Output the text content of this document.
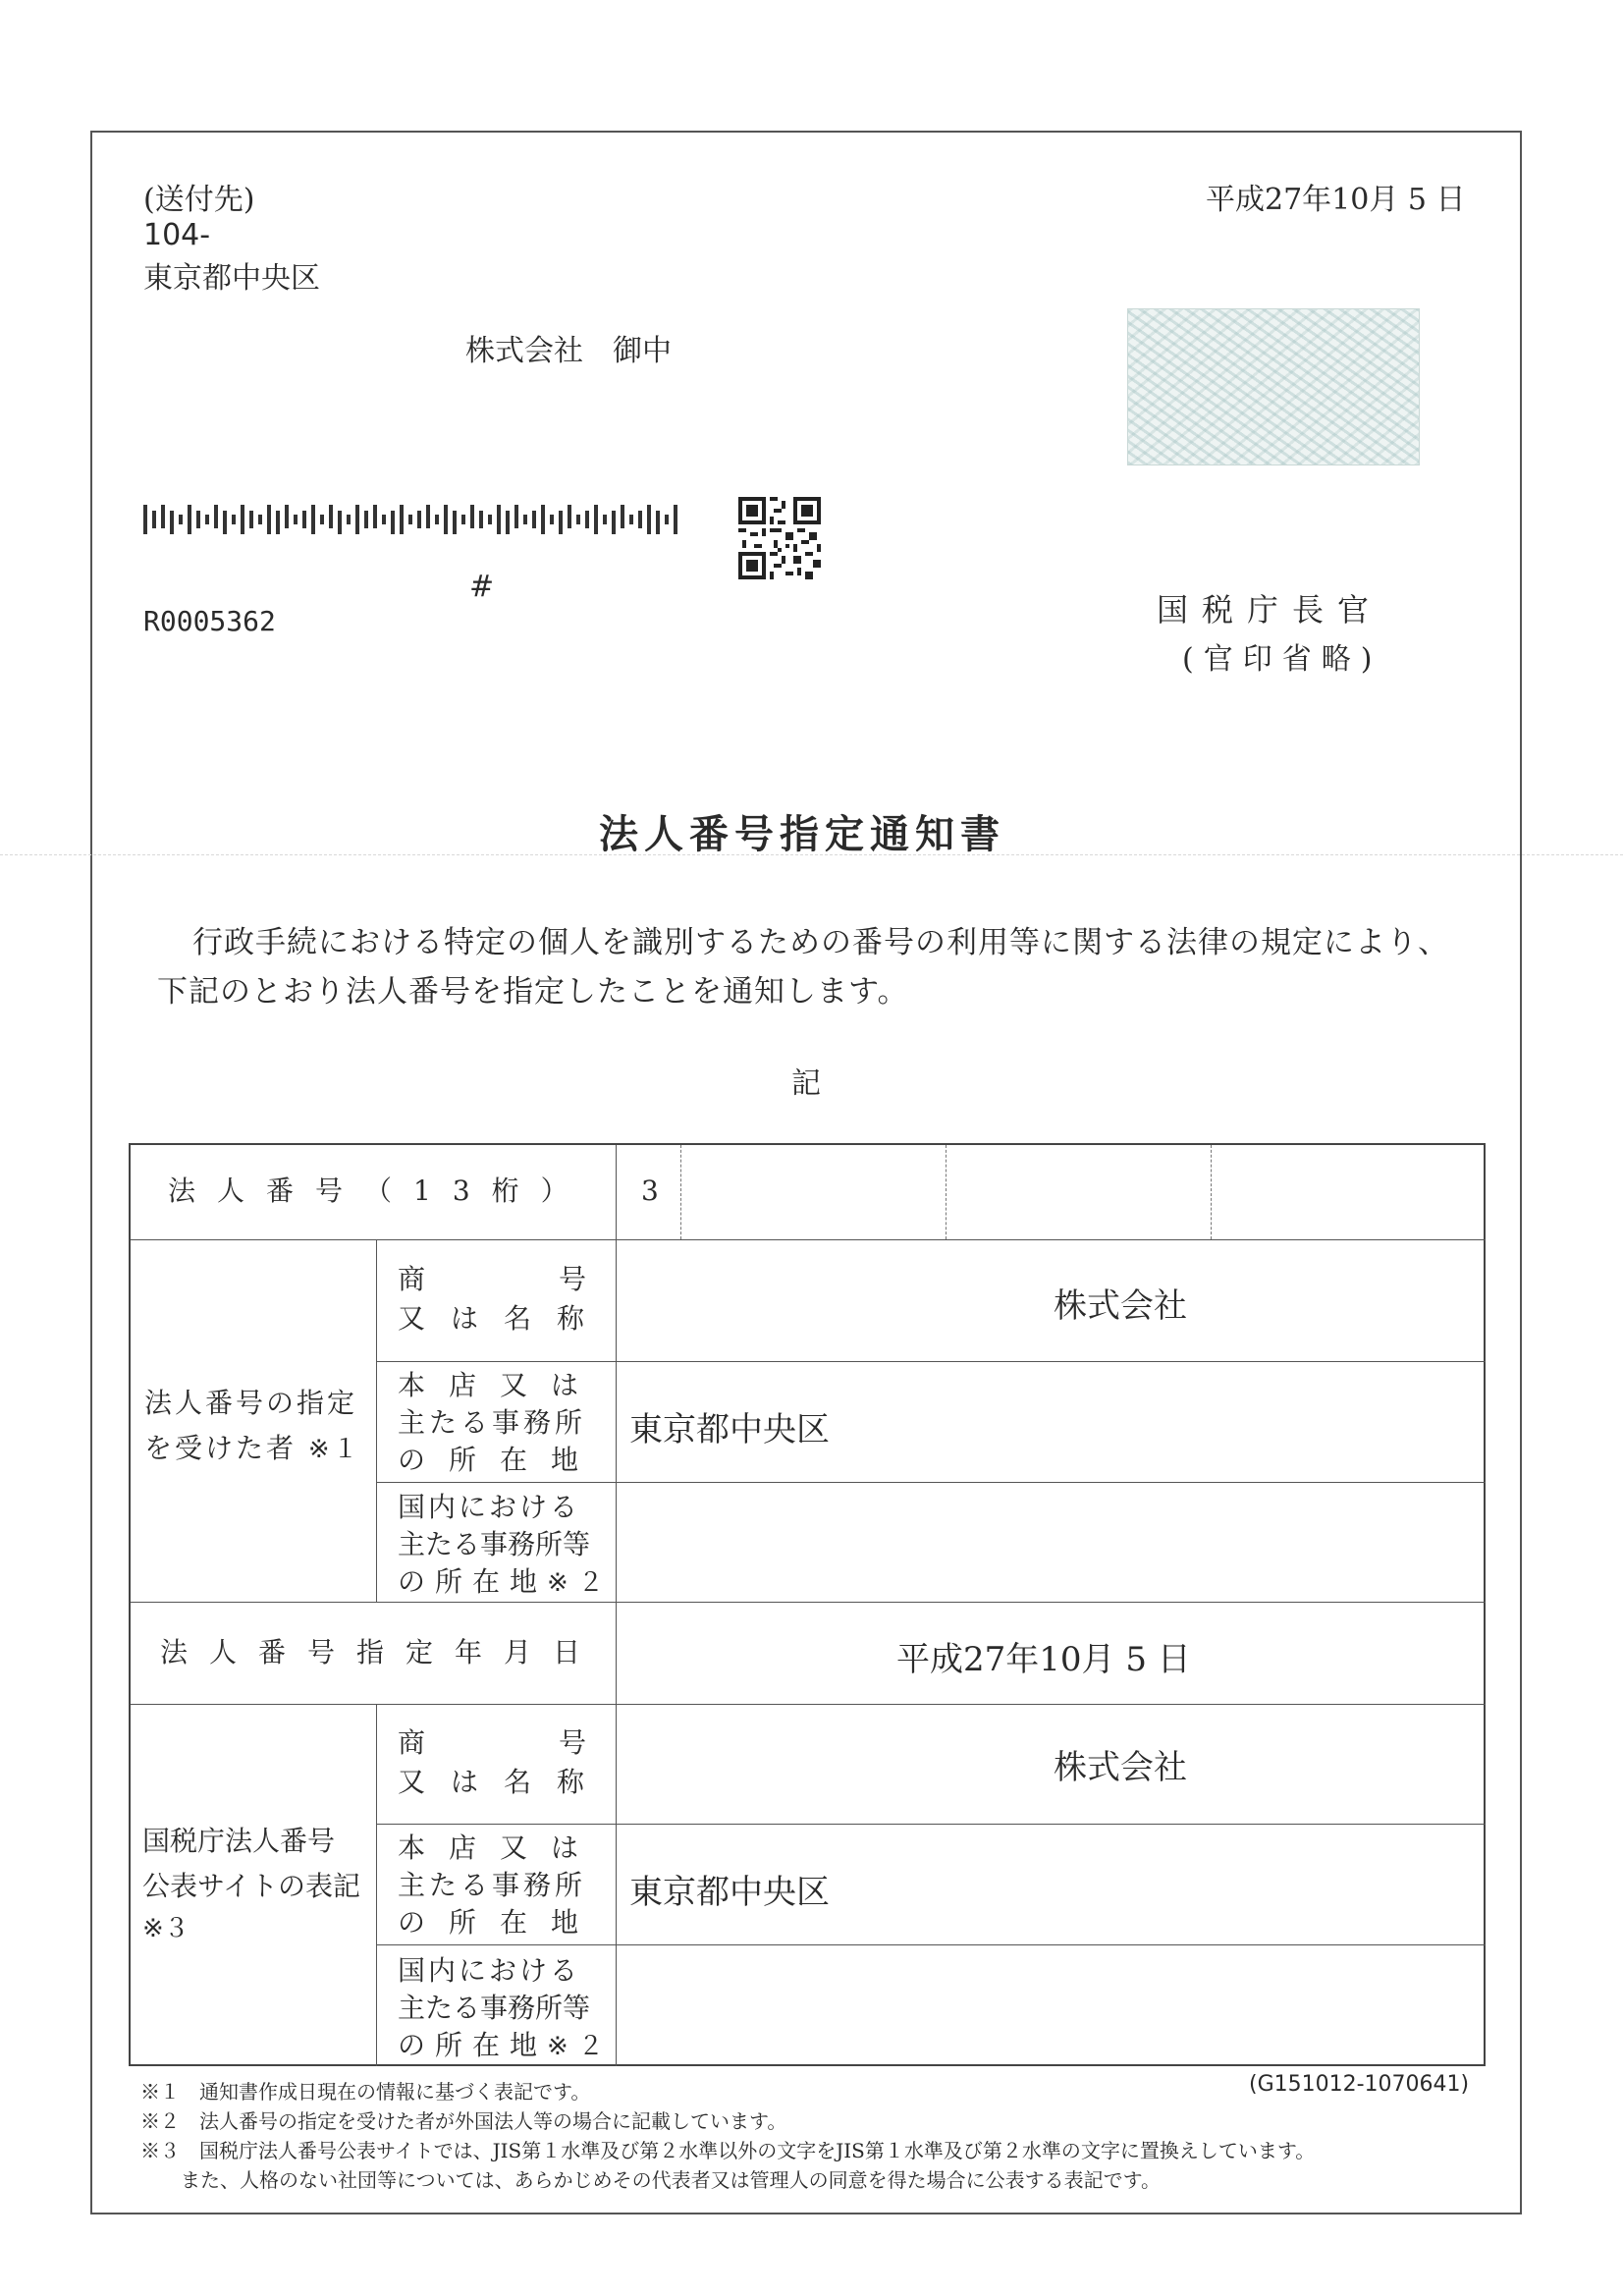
(送付先)
104-
東京都中央区
株式会社　御中
平成27年10月 5 日
#
R0005362	国税庁長官
(官印省略)
法人番号指定通知書
行政手続における特定の個人を識別するための番号の利用等に関する法律の規定により、
下記のとおり法人番号を指定したことを通知します。
記
法人番号（13桁） 3
法人番号の指定
を受けた者 ※１
商号
又は名称
本店又は
主たる事務所
の所在地
国内における
主たる事務所等
の所在地※２
株式会社
東京都中央区
法人番号指定年月日	平成27年10月 5 日
国税庁法人番号
公表サイトの表記
※３
商号
又は名称
本店又は
主たる事務所
の所在地
国内における
主たる事務所等
の所在地※２
株式会社
東京都中央区
(G151012-1070641)
※１　 通知書作成日現在の情報に基づく表記です。
※２　 法人番号の指定を受けた者が外国法人等の場合に記載しています。
※３　 国税庁法人番号公表サイトでは、JIS第１水準及び第２水準以外の文字をJIS第１水準及び第２水準の文字に置換えしています。
また、人格のない社団等については、あらかじめその代表者又は管理人の同意を得た場合に公表する表記です。
